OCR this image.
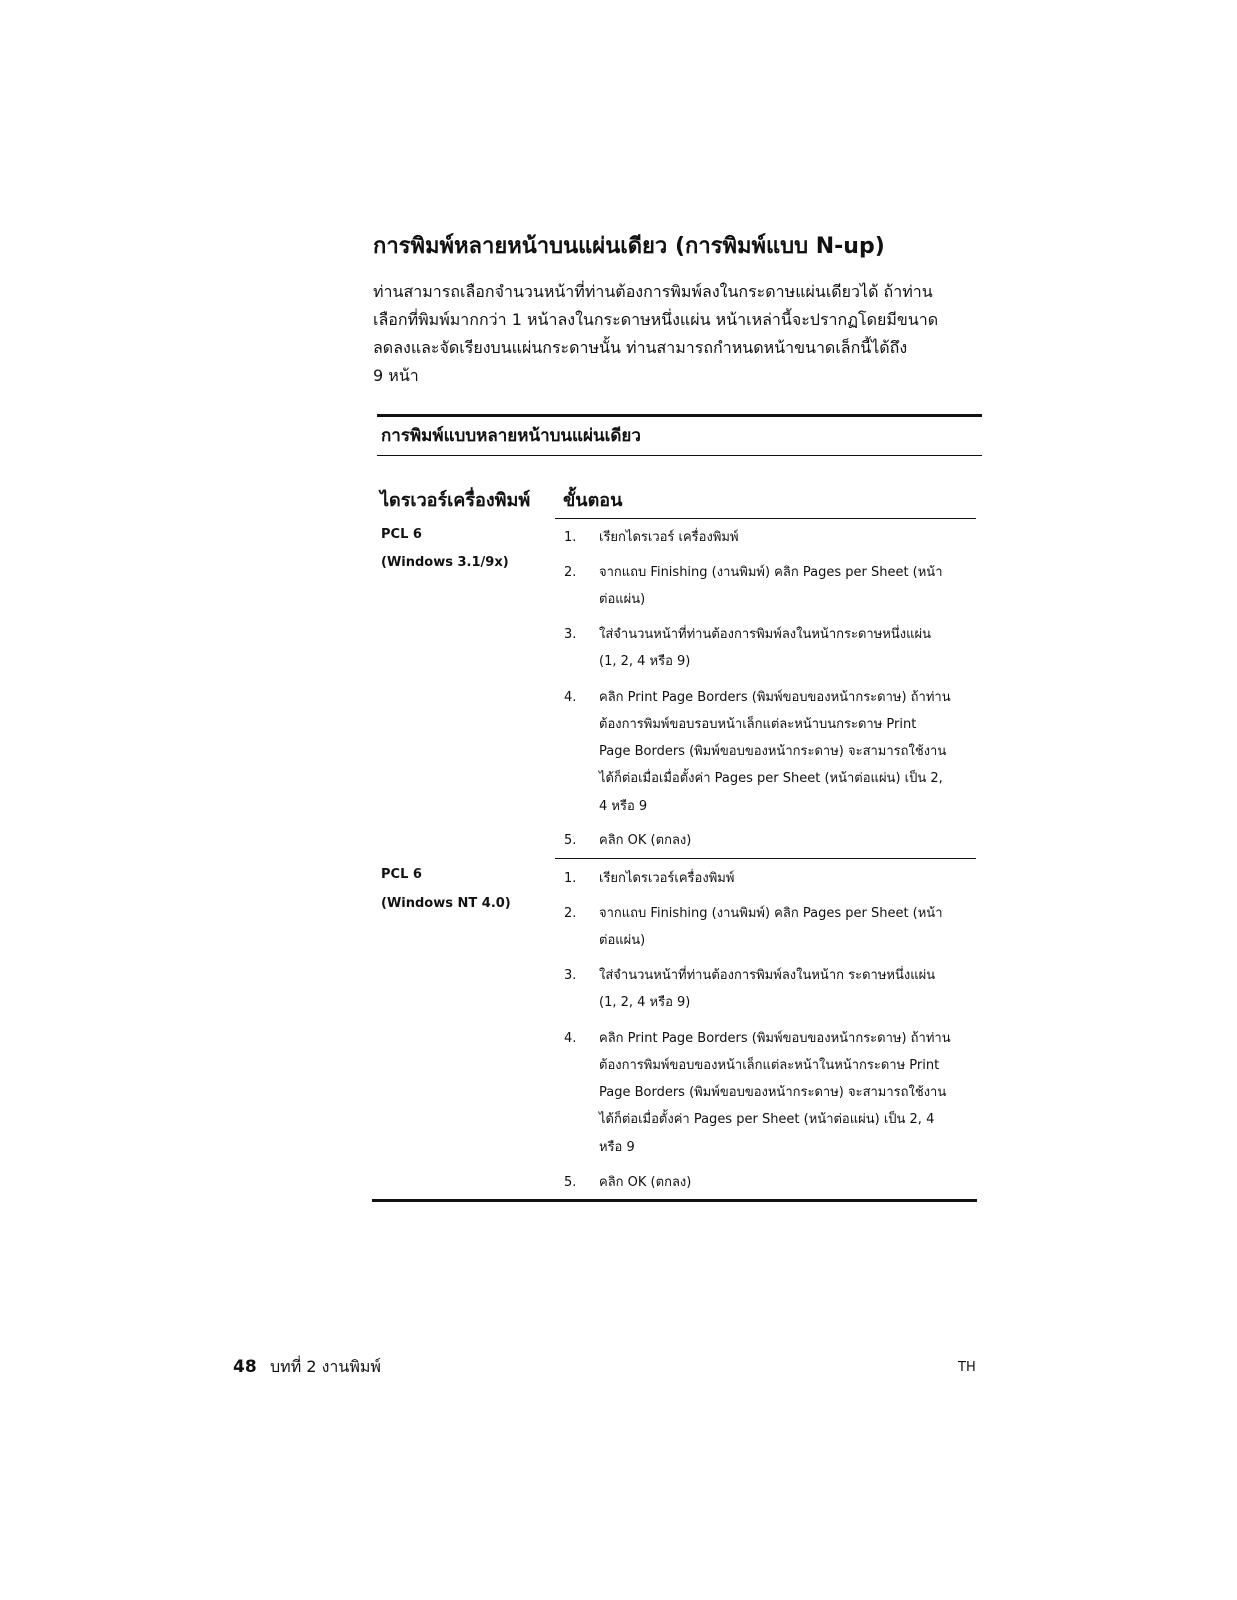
การพิมพ์หลายหน้าบนแผ่นเดียว (การพิมพ์แบบ N-up)
ท่านสามารถเลือกจำนวนหน้าที่ท่านต้องการพิมพ์ลงในกระดาษแผ่นเดียวได้ ถ้าท่าน
เลือกที่พิมพ์มากกว่า 1 หน้าลงในกระดาษหนึ่งแผ่น หน้าเหล่านี้จะปรากฏโดยมีขนาด
ลดลงและจัดเรียงบนแผ่นกระดาษนั้น ท่านสามารถกำหนดหน้าขนาดเล็กนี้ได้ถึง
9 หน้า
การพิมพ์แบบหลายหน้าบนแผ่นเดียว
ไดรเวอร์เครื่องพิมพ์ ขั้นตอน
PCL 6
(Windows 3.1/9x)
1. เรียกไดรเวอร์ เครื่องพิมพ์
2. จากแถบ Finishing (งานพิมพ์) คลิก Pages per Sheet (หน้า
ต่อแผ่น)
3. ใส่จำนวนหน้าที่ท่านต้องการพิมพ์ลงในหน้ากระดาษหนึ่งแผ่น
(1, 2, 4 หรือ 9)
4. คลิก Print Page Borders (พิมพ์ขอบของหน้ากระดาษ) ถ้าท่าน
ต้องการพิมพ์ขอบรอบหน้าเล็กแต่ละหน้าบนกระดาษ Print
Page Borders (พิมพ์ขอบของหน้ากระดาษ) จะสามารถใช้งาน
ได้ก็ต่อเมื่อเมื่อตั้งค่า Pages per Sheet (หน้าต่อแผ่น) เป็น 2,
4 หรือ 9
5. คลิก OK (ตกลง)
PCL 6
(Windows NT 4.0)
1. เรียกไดรเวอร์เครื่องพิมพ์
2. จากแถบ Finishing (งานพิมพ์) คลิก Pages per Sheet (หน้า
ต่อแผ่น)
3. ใส่จำนวนหน้าที่ท่านต้องการพิมพ์ลงในหน้าก ระดาษหนึ่งแผ่น
(1, 2, 4 หรือ 9)
4. คลิก Print Page Borders (พิมพ์ขอบของหน้ากระดาษ) ถ้าท่าน
ต้องการพิมพ์ขอบของหน้าเล็กแต่ละหน้าในหน้ากระดาษ Print
Page Borders (พิมพ์ขอบของหน้ากระดาษ) จะสามารถใช้งาน
ได้ก็ต่อเมื่อตั้งค่า Pages per Sheet (หน้าต่อแผ่น) เป็น 2, 4
หรือ 9
5. คลิก OK (ตกลง)
48 บทที่ 2 งานพิมพ์	TH
